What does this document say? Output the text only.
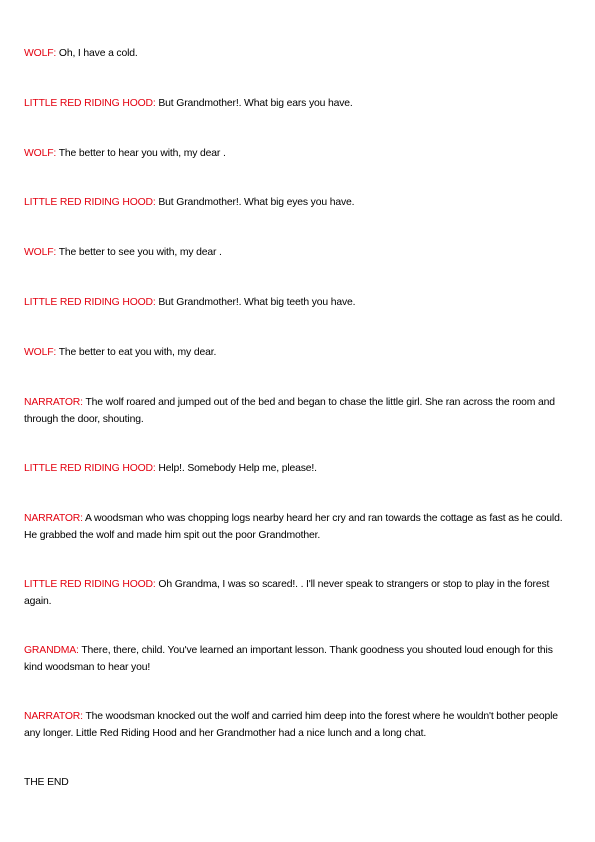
WOLF: Oh, I have a cold.

LITTLE RED RIDING HOOD: But Grandmother!. What big ears you have.

WOLF: The better to hear you with, my dear .

LITTLE RED RIDING HOOD: But Grandmother!. What big eyes you have.

WOLF: The better to see you with, my dear .

LITTLE RED RIDING HOOD: But Grandmother!. What big teeth you have.

WOLF: The better to eat you with, my dear.

NARRATOR: The wolf roared and jumped out of the bed and began to chase the little girl. She ran across the room and through the door, shouting.

LITTLE RED RIDING HOOD: Help!. Somebody Help me, please!.

NARRATOR: A woodsman who was chopping logs nearby heard her cry and ran towards the cottage as fast as he could. He grabbed the wolf and made him spit out the poor Grandmother.

LITTLE RED RIDING HOOD: Oh Grandma, I was so scared!. . I'll never speak to strangers or stop to play in the forest again.

GRANDMA: There, there, child. You've learned an important lesson. Thank goodness you shouted loud enough for this kind woodsman to hear you!

NARRATOR: The woodsman knocked out the wolf and carried him deep into the forest where he wouldn't bother people any longer. Little Red Riding Hood and her Grandmother had a nice lunch and a long chat.

THE END
